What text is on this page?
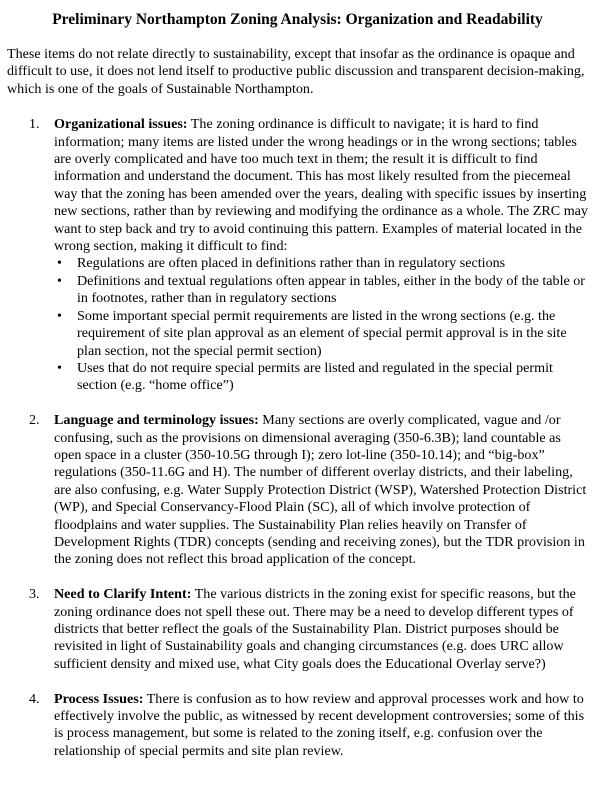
Preliminary Northampton Zoning Analysis: Organization and Readability

These items do not relate directly to sustainability, except that insofar as the ordinance is opaque and difficult to use, it does not lend itself to productive public discussion and transparent decision-making, which is one of the goals of Sustainable Northampton.

1. Organizational issues: The zoning ordinance is difficult to navigate; it is hard to find information; many items are listed under the wrong headings or in the wrong sections; tables are overly complicated and have too much text in them; the result it is difficult to find information and understand the document. This has most likely resulted from the piecemeal way that the zoning has been amended over the years, dealing with specific issues by inserting new sections, rather than by reviewing and modifying the ordinance as a whole. The ZRC may want to step back and try to avoid continuing this pattern. Examples of material located in the wrong section, making it difficult to find:
• Regulations are often placed in definitions rather than in regulatory sections
• Definitions and textual regulations often appear in tables, either in the body of the table or in footnotes, rather than in regulatory sections
• Some important special permit requirements are listed in the wrong sections (e.g. the requirement of site plan approval as an element of special permit approval is in the site plan section, not the special permit section)
• Uses that do not require special permits are listed and regulated in the special permit section (e.g. “home office”)
2. Language and terminology issues: Many sections are overly complicated, vague and /or confusing, such as the provisions on dimensional averaging (350-6.3B); land countable as open space in a cluster (350-10.5G through I); zero lot-line (350-10.14); and “big-box” regulations (350-11.6G and H). The number of different overlay districts, and their labeling, are also confusing, e.g. Water Supply Protection District (WSP), Watershed Protection District (WP), and Special Conservancy-Flood Plain (SC), all of which involve protection of floodplains and water supplies. The Sustainability Plan relies heavily on Transfer of Development Rights (TDR) concepts (sending and receiving zones), but the TDR provision in the zoning does not reflect this broad application of the concept.
3. Need to Clarify Intent: The various districts in the zoning exist for specific reasons, but the zoning ordinance does not spell these out. There may be a need to develop different types of districts that better reflect the goals of the Sustainability Plan. District purposes should be revisited in light of Sustainability goals and changing circumstances (e.g. does URC allow sufficient density and mixed use, what City goals does the Educational Overlay serve?)
4. Process Issues: There is confusion as to how review and approval processes work and how to effectively involve the public, as witnessed by recent development controversies; some of this is process management, but some is related to the zoning itself, e.g. confusion over the relationship of special permits and site plan review.
